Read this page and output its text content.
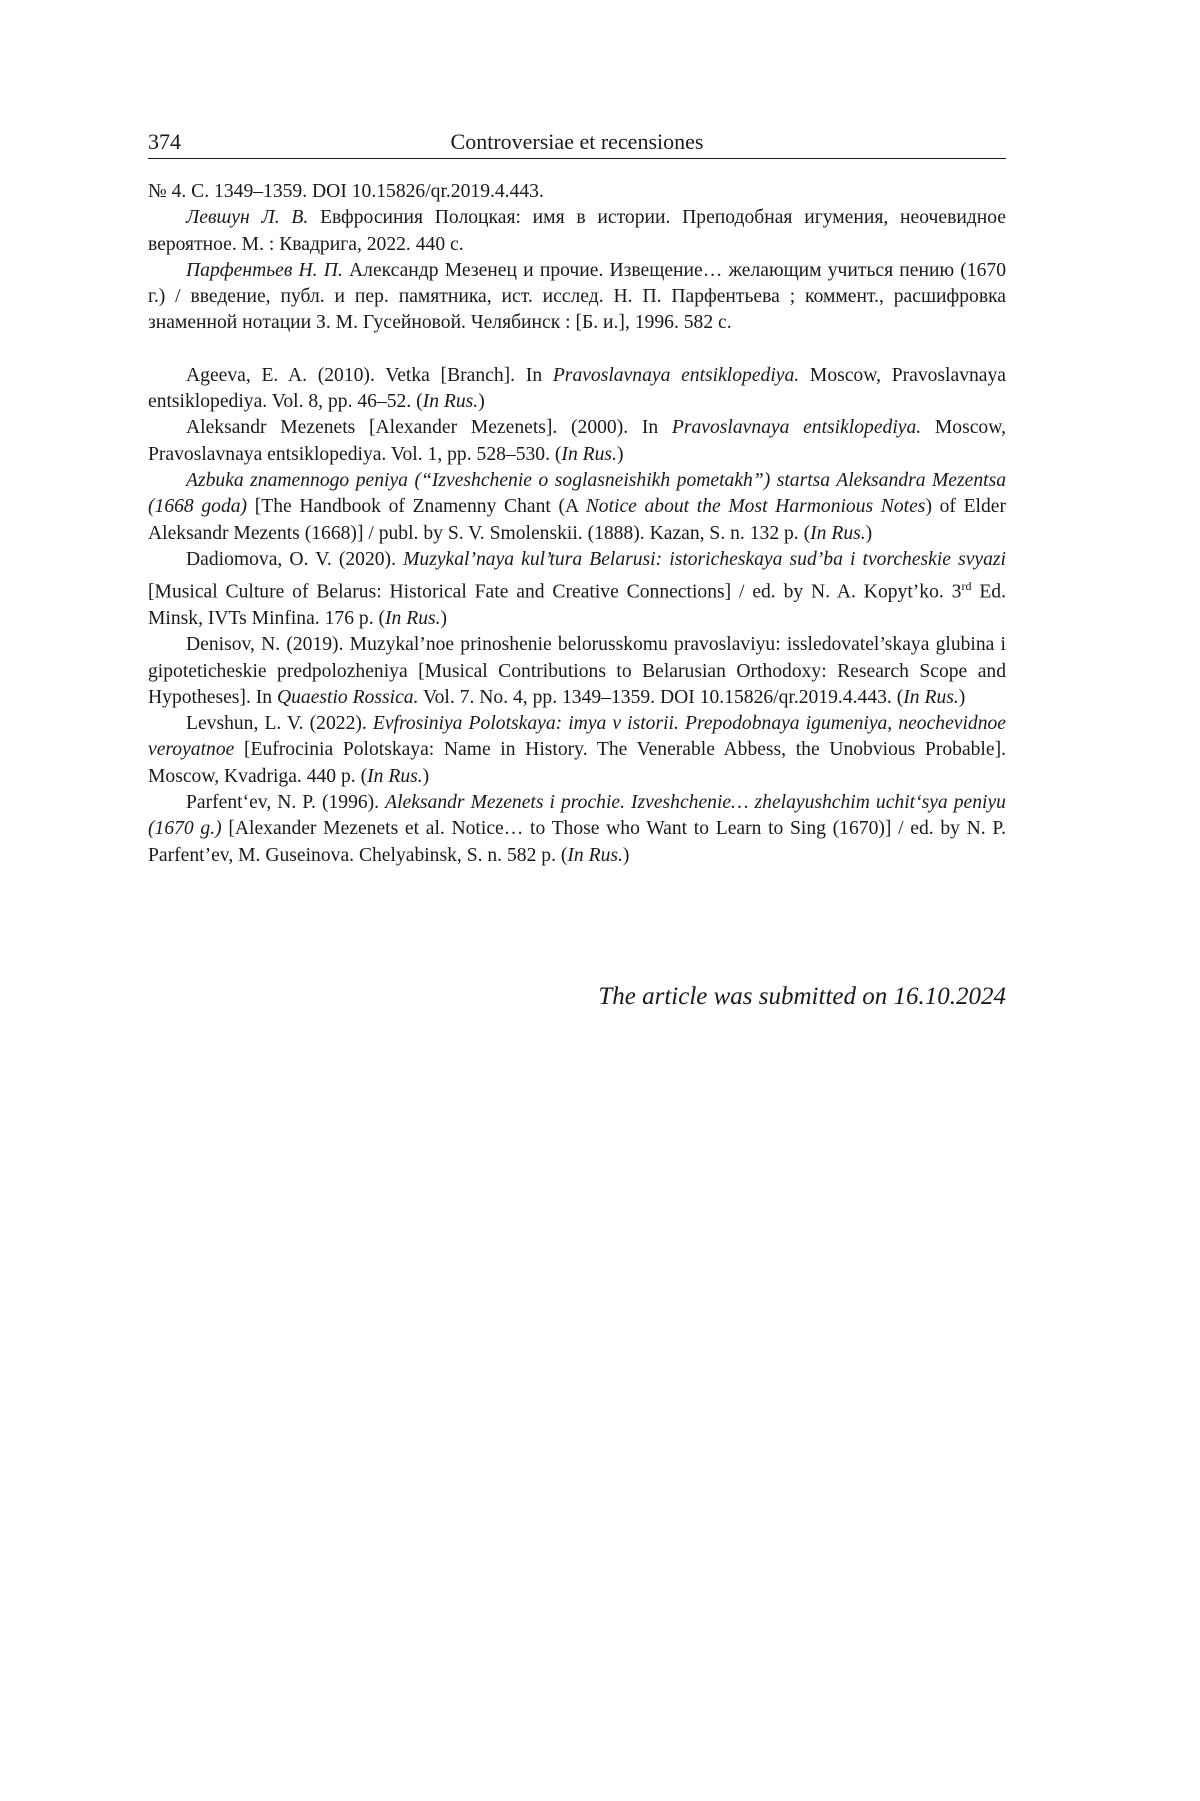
374	Controversiae et recensiones

№ 4. С. 1349–1359. DOI 10.15826/qr.2019.4.443.

Левшун Л. В. Евфросиния Полоцкая: имя в истории. Преподобная игумения, неочевидное вероятное. М. : Квадрига, 2022. 440 с.

Парфентьев Н. П. Александр Мезенец и прочие. Извещение… желающим учиться пению (1670 г.) / введение, публ. и пер. памятника, ист. исслед. Н. П. Парфентьева ; коммент., расшифровка знаменной нотации З. М. Гусейновой. Челябинск : [Б. и.], 1996. 582 с.

Ageeva, E. A. (2010). Vetka [Branch]. In Pravoslavnaya entsiklopediya. Moscow, Pravoslavnaya entsiklopediya. Vol. 8, pp. 46–52. (In Rus.)

Aleksandr Mezenets [Alexander Mezenets]. (2000). In Pravoslavnaya entsiklopediya. Moscow, Pravoslavnaya entsiklopediya. Vol. 1, pp. 528–530. (In Rus.)

Azbuka znamennogo peniya (“Izveshchenie o soglasneishikh pometakh”) startsa Aleksandra Mezentsa (1668 goda) [The Handbook of Znamenny Chant (A Notice about the Most Harmonious Notes) of Elder Aleksandr Mezents (1668)] / publ. by S. V. Smolenskii. (1888). Kazan, S. n. 132 p. (In Rus.)

Dadiomova, O. V. (2020). Muzykal’naya kul’tura Belarusi: istoricheskaya sud’ba i tvorcheskie svyazi [Musical Culture of Belarus: Historical Fate and Creative Connections] / ed. by N. A. Kopyt’ko. 3rd Ed. Minsk, IVTs Minfina. 176 p. (In Rus.)

Denisov, N. (2019). Muzykal’noe prinoshenie belorusskomu pravoslaviyu: issledovatel’skaya glubina i gipoteticheskie predpolozheniya [Musical Contributions to Belarusian Orthodoxy: Research Scope and Hypotheses]. In Quaestio Rossica. Vol. 7. No. 4, pp. 1349–1359. DOI 10.15826/qr.2019.4.443. (In Rus.)

Levshun, L. V. (2022). Evfrosiniya Polotskaya: imya v istorii. Prepodobnaya igumeniya, neochevidnoe veroyatnoe [Eufrocinia Polotskaya: Name in History. The Venerable Abbess, the Unobvious Probable]. Moscow, Kvadriga. 440 p. (In Rus.)

Parfent‘ev, N. P. (1996). Aleksandr Mezenets i prochie. Izveshchenie… zhelayushchim uchit‘sya peniyu (1670 g.) [Alexander Mezenets et al. Notice… to Those who Want to Learn to Sing (1670)] / ed. by N. P. Parfent’ev, M. Guseinova. Chelyabinsk, S. n. 582 p. (In Rus.)

The article was submitted on 16.10.2024
